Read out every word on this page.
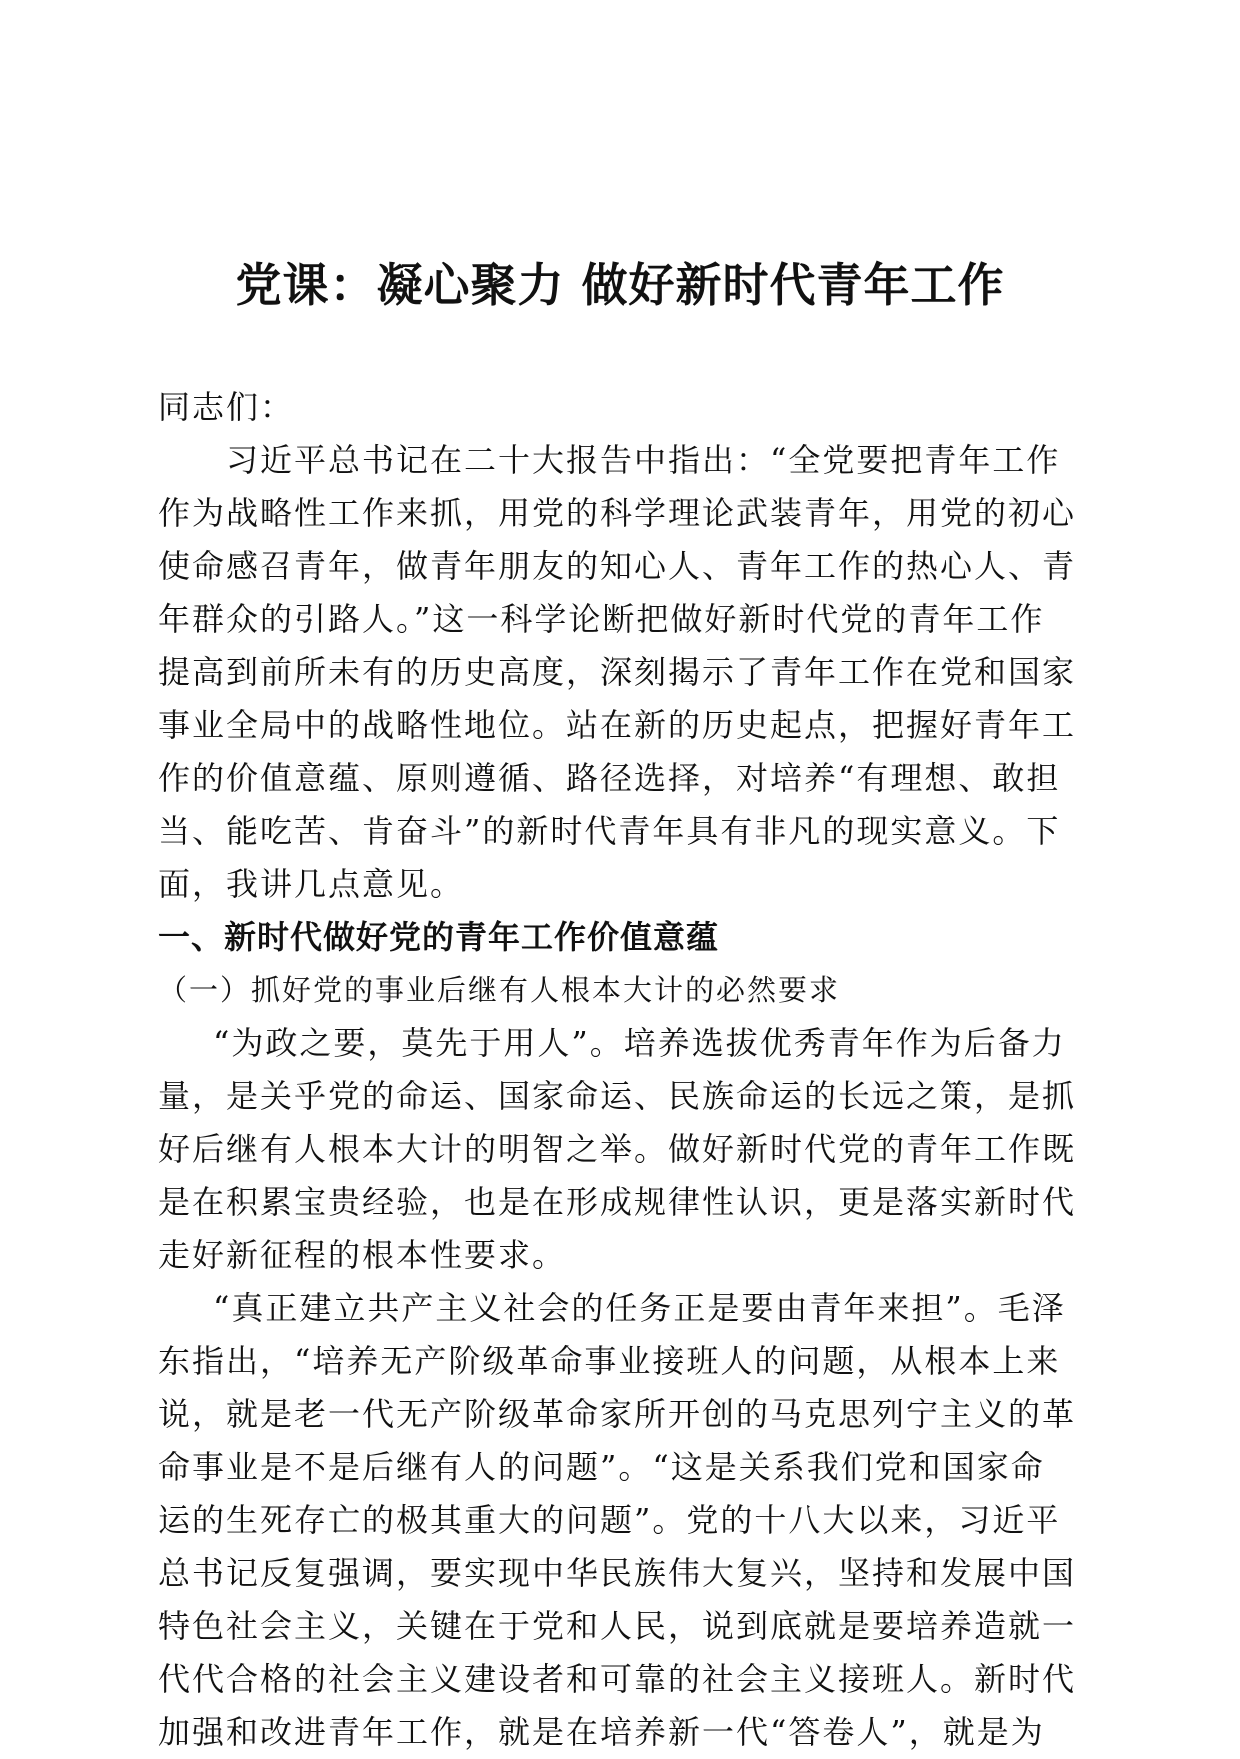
党课：凝心聚力 做好新时代青年工作
同志们：
习近平总书记在二十大报告中指出：“全党要把青年工作
作为战略性工作来抓，用党的科学理论武装青年，用党的初心
使命感召青年，做青年朋友的知心人、青年工作的热心人、青
年群众的引路人。”这一科学论断把做好新时代党的青年工作
提高到前所未有的历史高度，深刻揭示了青年工作在党和国家
事业全局中的战略性地位。站在新的历史起点，把握好青年工
作的价值意蕴、原则遵循、路径选择，对培养“有理想、敢担
当、能吃苦、肯奋斗”的新时代青年具有非凡的现实意义。下
面，我讲几点意见。
一、新时代做好党的青年工作价值意蕴
（一）抓好党的事业后继有人根本大计的必然要求
“为政之要，莫先于用人”。培养选拔优秀青年作为后备力
量，是关乎党的命运、国家命运、民族命运的长远之策，是抓
好后继有人根本大计的明智之举。做好新时代党的青年工作既
是在积累宝贵经验，也是在形成规律性认识，更是落实新时代
走好新征程的根本性要求。
“真正建立共产主义社会的任务正是要由青年来担”。毛泽
东指出，“培养无产阶级革命事业接班人的问题，从根本上来
说，就是老一代无产阶级革命家所开创的马克思列宁主义的革
命事业是不是后继有人的问题”。“这是关系我们党和国家命
运的生死存亡的极其重大的问题”。党的十八大以来，习近平
总书记反复强调，要实现中华民族伟大复兴，坚持和发展中国
特色社会主义，关键在于党和人民，说到底就是要培养造就一
代代合格的社会主义建设者和可靠的社会主义接班人。新时代
加强和改进青年工作，就是在培养新一代“答卷人”，就是为
